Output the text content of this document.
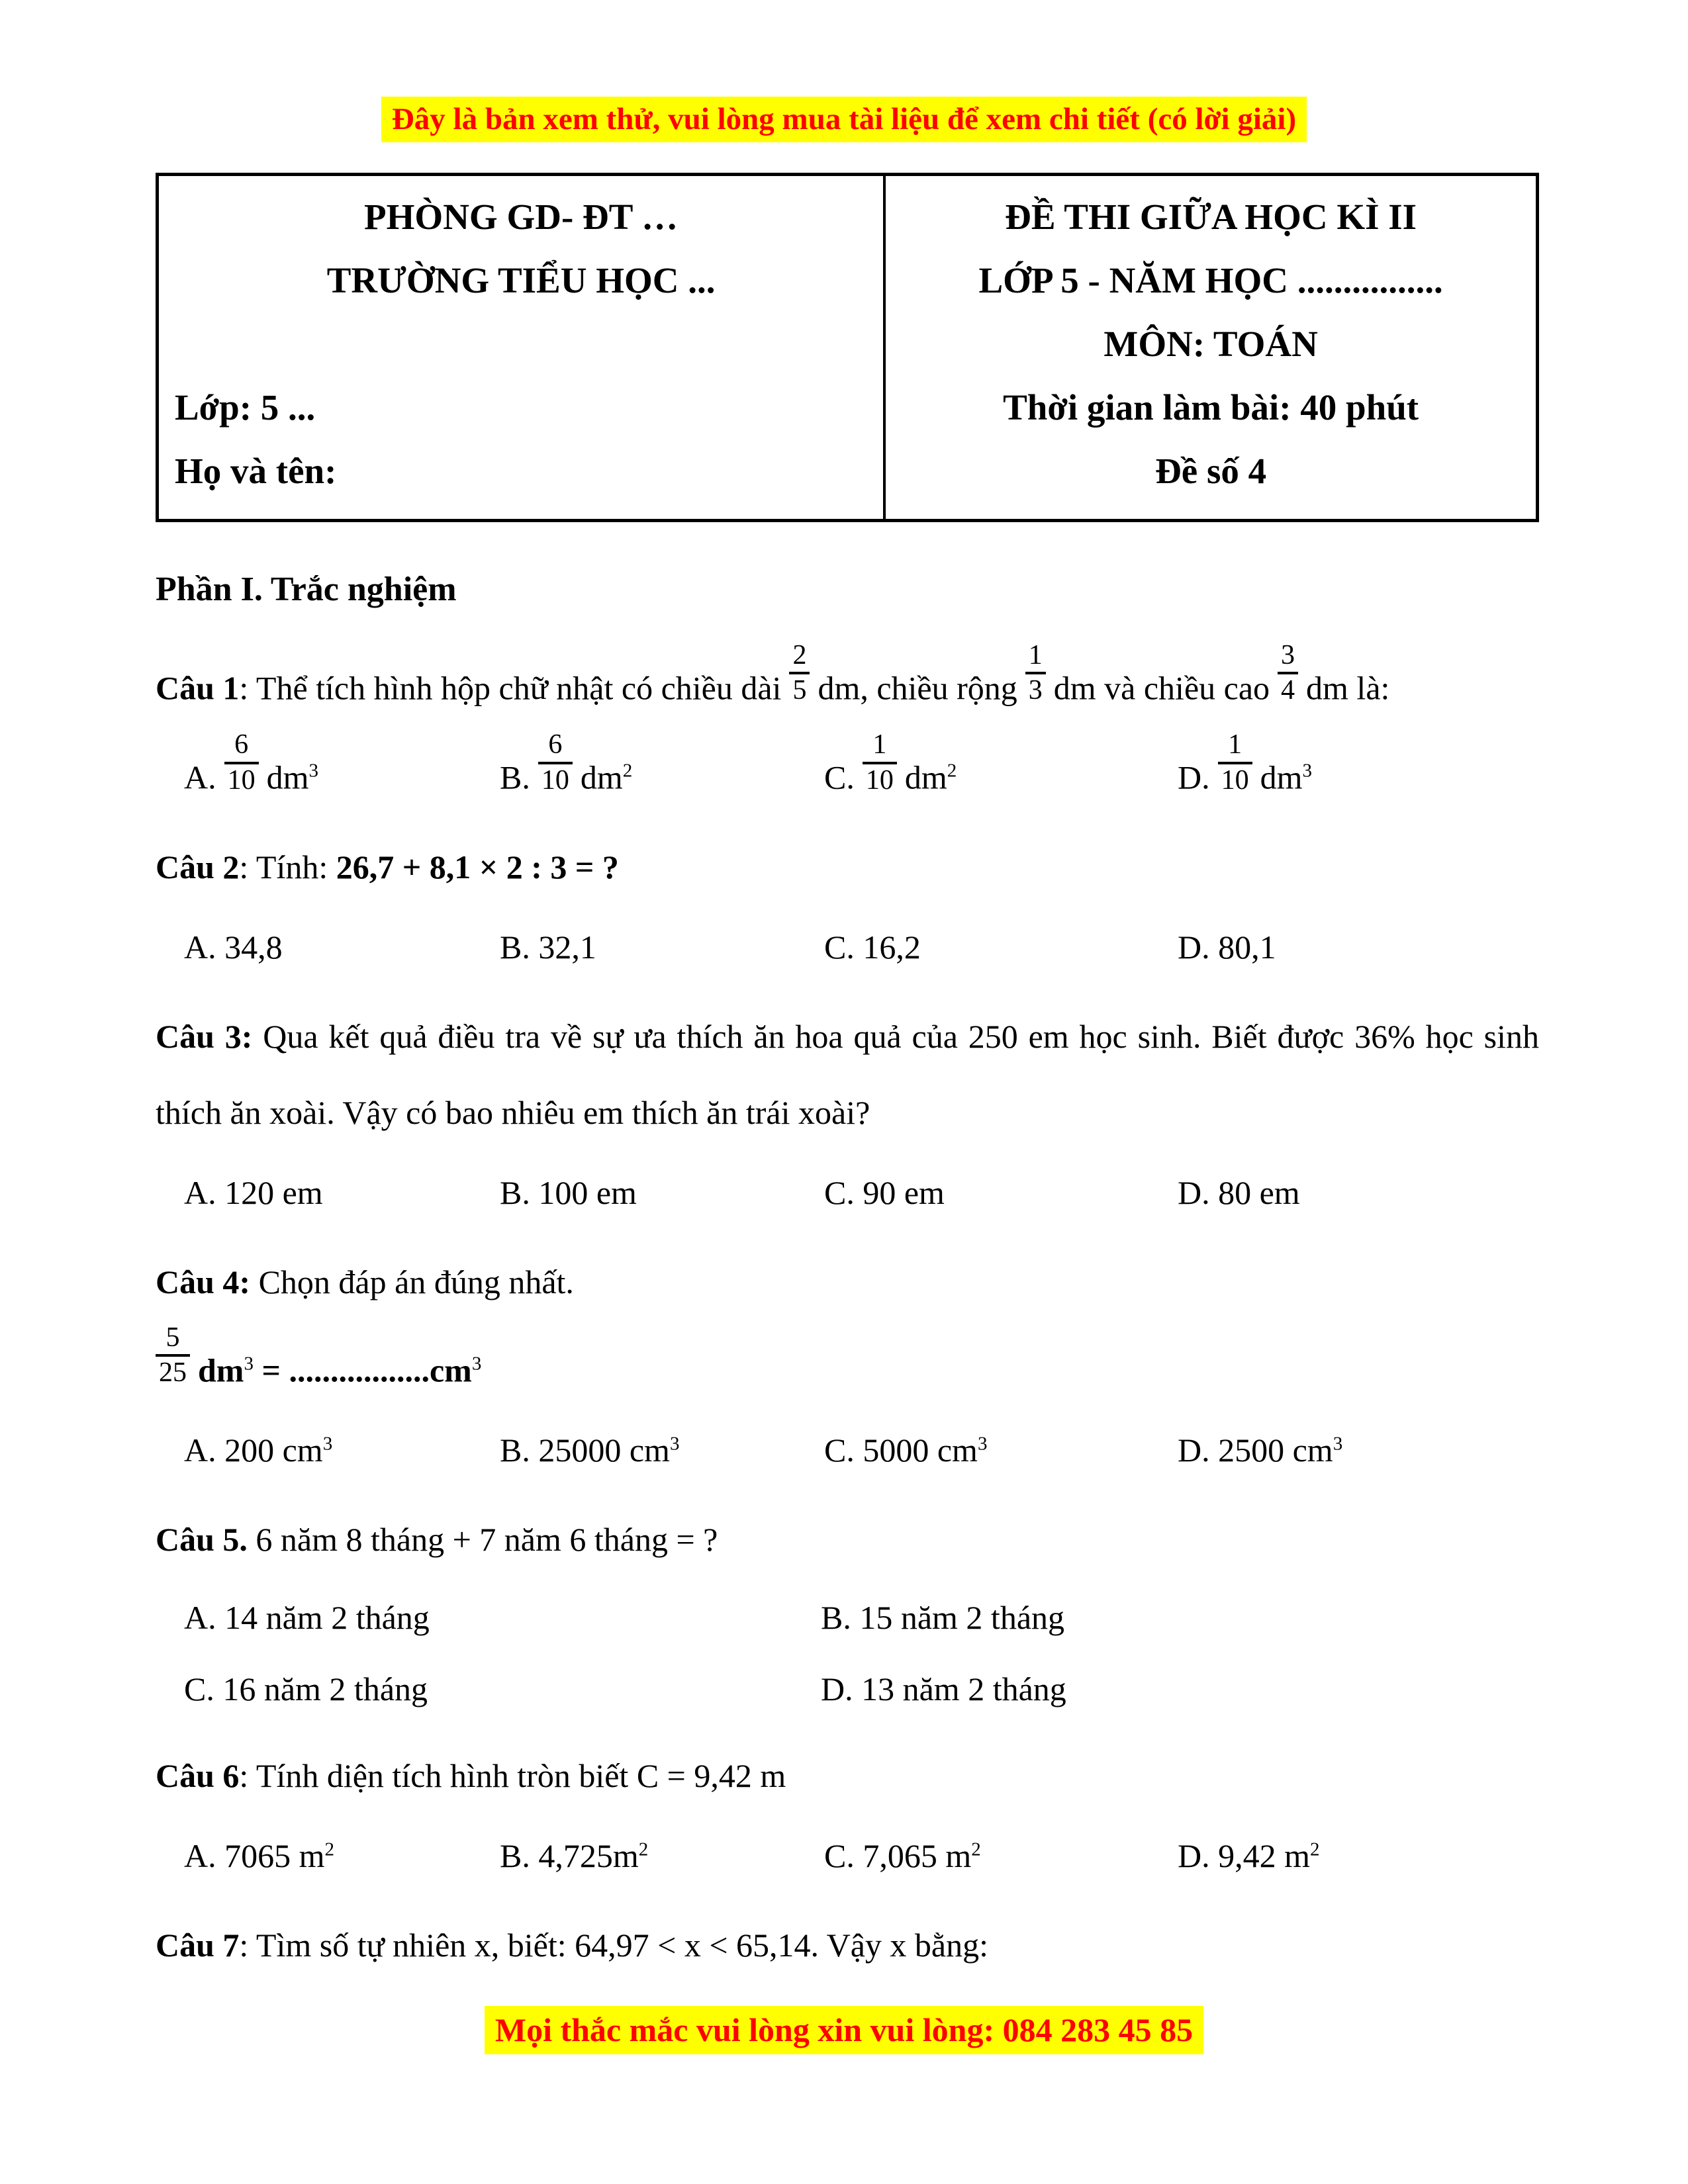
Đây là bản xem thử, vui lòng mua tài liệu để xem chi tiết (có lời giải)
PHÒNG GD- ĐT …
TRƯỜNG TIỂU HỌC ...
Lớp: 5 ...
Họ và tên:
ĐỀ THI GIỮA HỌC KÌ II
LỚP 5 - NĂM HỌC ................
MÔN: TOÁN
Thời gian làm bài: 40 phút
Đề số 4
Phần I. Trắc nghiệm
Câu 1: Thể tích hình hộp chữ nhật có chiều dài $\frac{2}{5}$ dm, chiều rộng $\frac{1}{3}$ dm và chiều cao $\frac{3}{4}$ dm là:
A. $\frac{6}{10} dm^3$	B. $\frac{6}{10} dm^2$	C. $\frac{1}{10} dm^2$	D. $\frac{1}{10} dm^3$
Câu 2: Tính: 26,7 + 8,1 × 2 : 3 = ?
A. 34,8	B. 32,1	C. 16,2	D. 80,1
Câu 3: Qua kết quả điều tra về sự ưa thích ăn hoa quả của 250 em học sinh. Biết được 36% học sinh thích ăn xoài. Vậy có bao nhiêu em thích ăn trái xoài?
A. 120 em	B. 100 em	C. 90 em	D. 80 em
Câu 4: Chọn đáp án đúng nhất.
$\frac{5}{25} dm^3 = .................cm^3$
A. 200 $cm^3$	B. 25000 $cm^3$	C. 5000 $cm^3$	D. 2500 $cm^3$
Câu 5. 6 năm 8 tháng + 7 năm 6 tháng = ?
A. 14 năm 2 tháng	B. 15 năm 2 tháng
C. 16 năm 2 tháng	D. 13 năm 2 tháng
Câu 6: Tính diện tích hình tròn biết C = 9,42 m
A. 7065 $m^2$	B. $4,725m^2$	C. 7,065 $m^2$	D. 9,42 $m^2$
Câu 7: Tìm số tự nhiên x, biết: 64,97 < x < 65,14. Vậy x bằng:
Mọi thắc mắc vui lòng xin vui lòng: 084 283 45 85
